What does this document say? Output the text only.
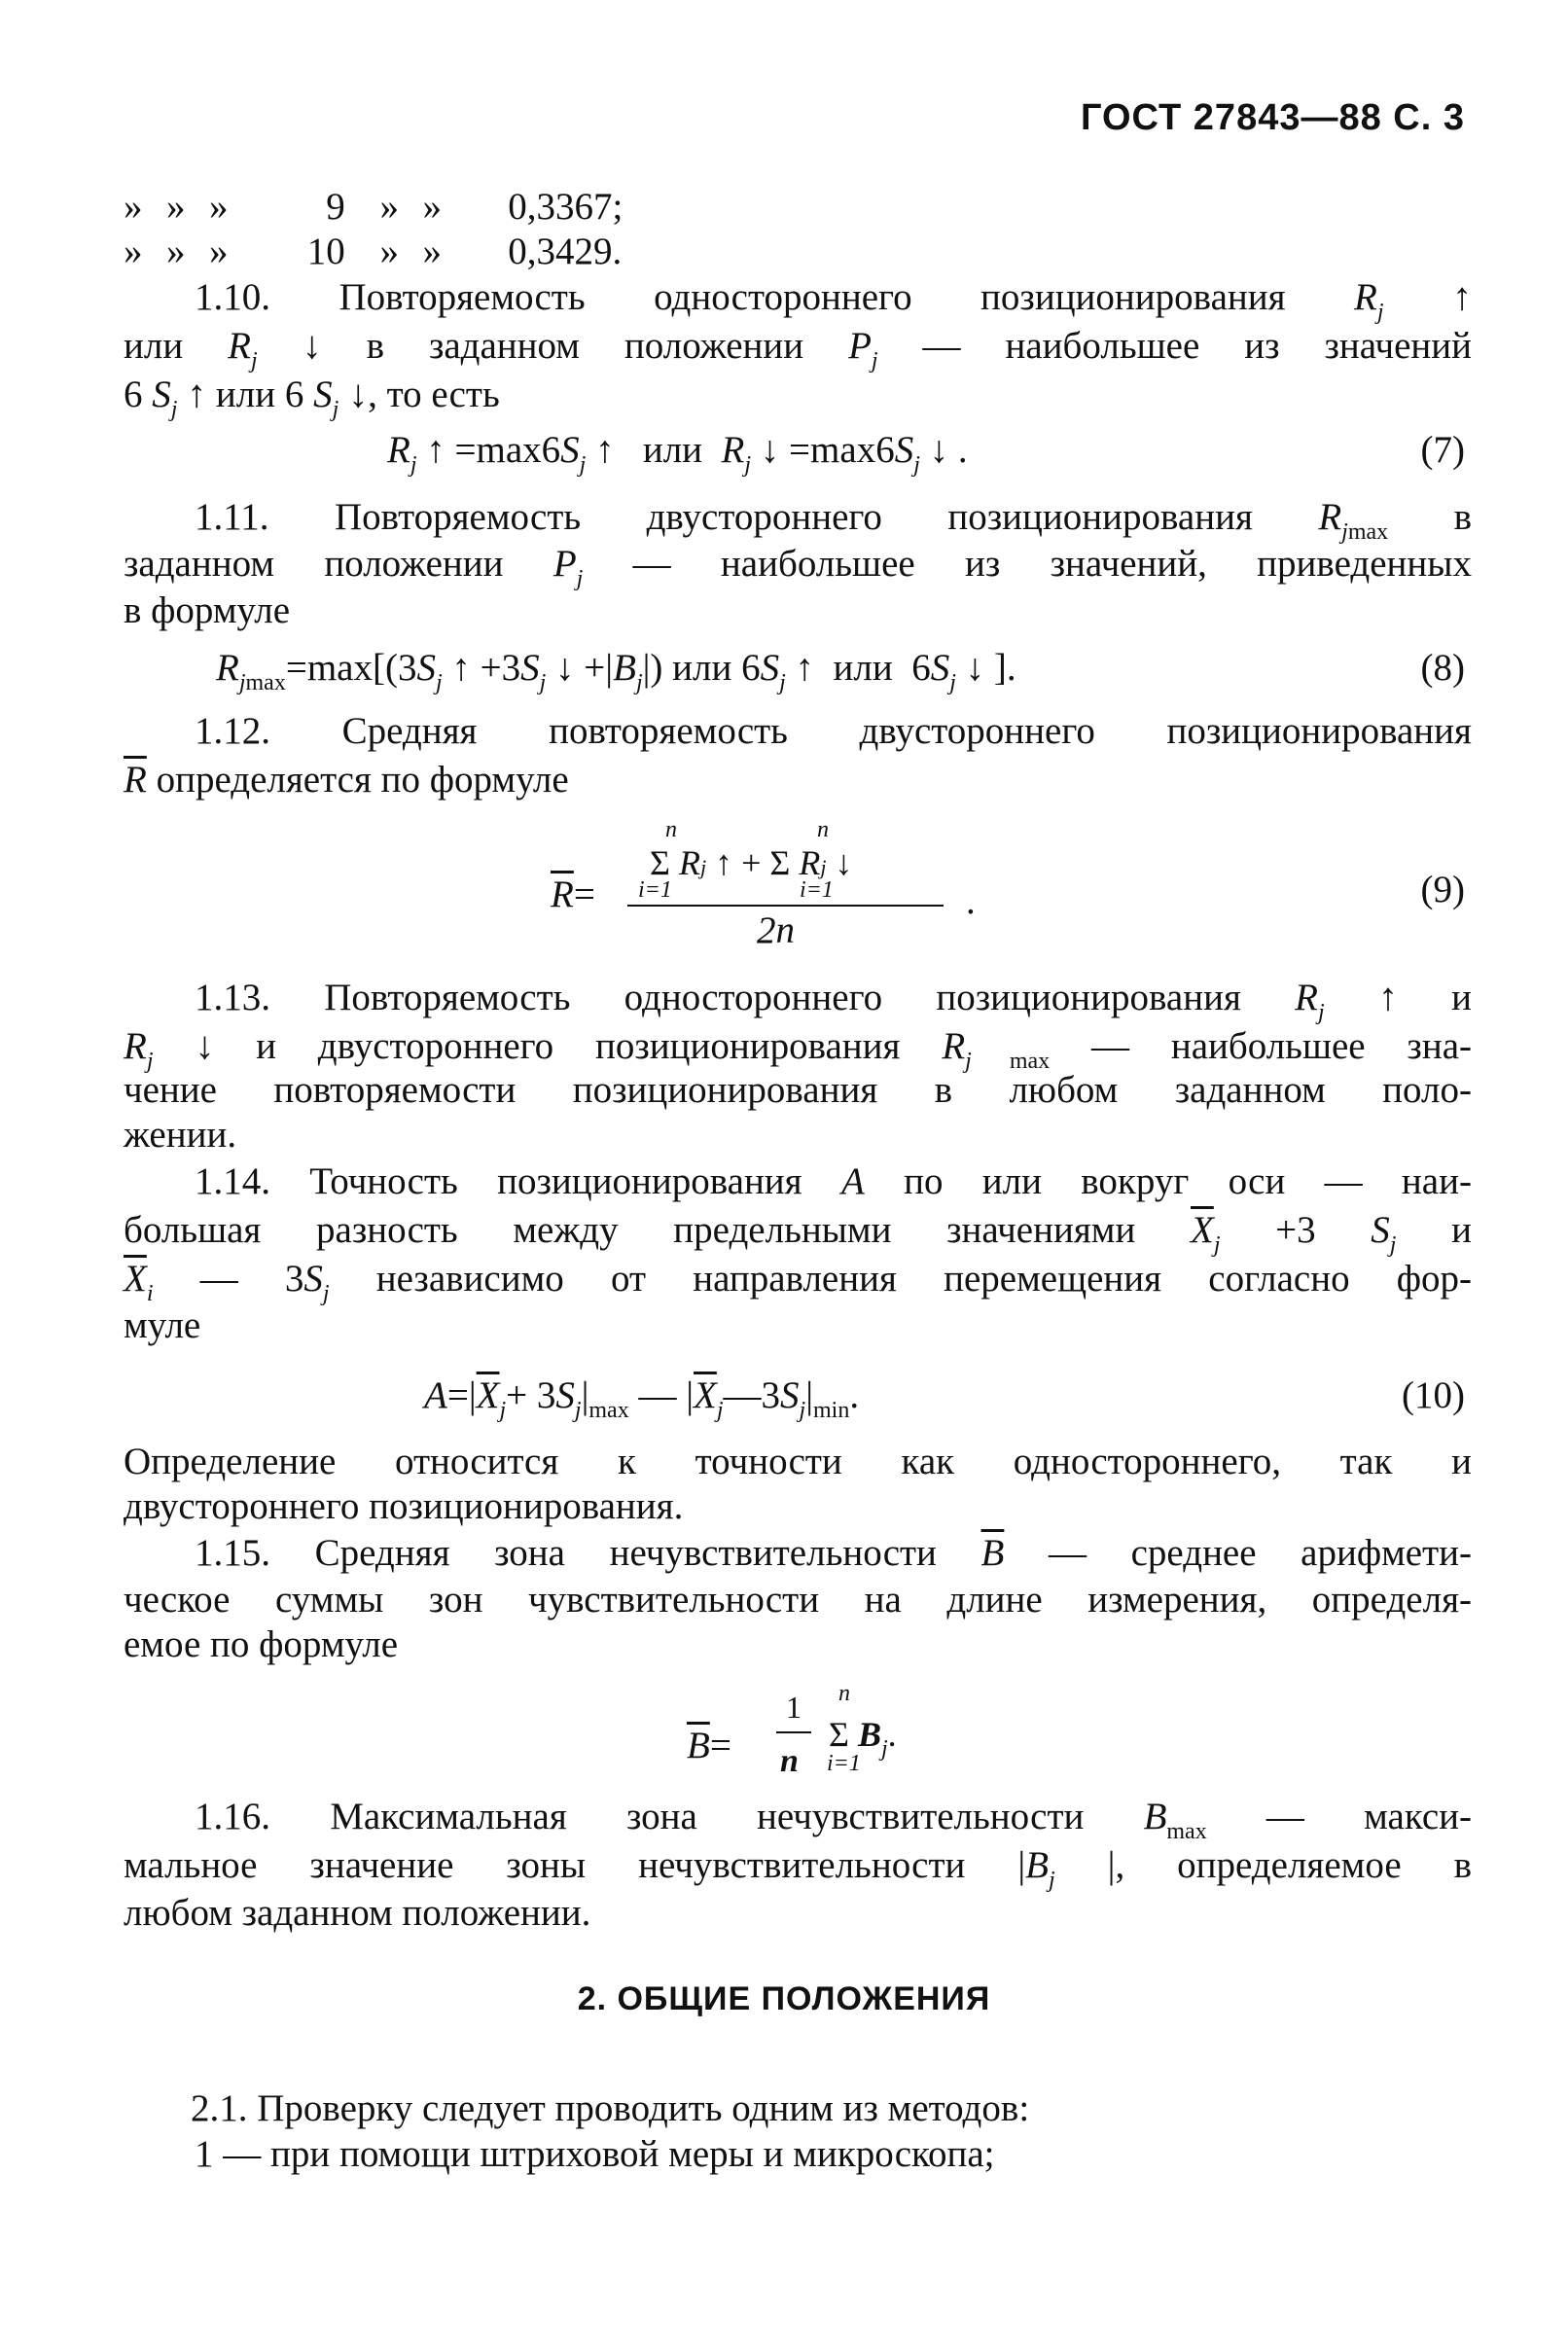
ГОСТ 27843—88 С. 3
» » »	9 » » 0,3367;
» » » 10 » » 0,3429.
1.10. Повторяемость одностороннего позиционирования $R_j$ ↑
или $R_j$ ↓ в заданном положении $P_j$ — наибольшее из значений
6 $S_j$ ↑ или 6 $S_j$ ↓, то есть
$R_j$ ↑ $=\max 6S_j$ ↑   или $R_j$ ↓ $=\max 6S_j$ ↓ .	(7)
1.11. Повторяемость двустороннего позиционирования $R_{jmax}$ в
заданном положении $P_j$ — наибольшее из значений, приведенных
в формуле
$R_{jmax}=\max[(3S_j$ ↑ $+3S_j$ ↓ $+|B_j|$) или $6S_j$ ↑  или  $6S_j$ ↓ ].	(8)
1.12. Средняя повторяемость двустороннего позиционирования
$\overline{R}$ определяется по формуле
n	n
Σ Rj ↑ + Σ Rj ↓
i=1	i=1
$\overline{R}=$
2n
.	(9)
1.13. Повторяемость одностороннего позиционирования $R_j$ ↑ и
$R_j$ ↓ и двустороннего позиционирования $R_{j max}$ — наибольшее зна-
чение повторяемости позиционирования в любом заданном поло-
жении.
1.14. Точность позиционирования A по или вокруг оси — наи-
большая разность между предельными значениями $\overline{X}_j +3$ $S_j$ и
$\overline{X}_i$ — $3S_j$ независимо от направления перемещения согласно фор-
муле
$A=|\overline{X}_j+ 3S_j|_{max}$ — $|\overline{X}_j—3S_j|_{min}$.	(10)
Определение относится к точности как одностороннего, так и
двустороннего позиционирования.
1.15. Средняя зона нечувствительности $\overline{B}$ — среднее арифмети-
ческое суммы зон чувствительности на длине измерения, определя-
емое по формуле
$\overline{B}=$
1
n
n
Σ $B_j$.
i=1
1.16. Максимальная зона нечувствительности $B_{max}$ — макси-
мальное значение зоны нечувствительности $|B_j$ |, определяемое в
любом заданном положении.
2. ОБЩИЕ ПОЛОЖЕНИЯ
2.1. Проверку следует проводить одним из методов:
1 — при помощи штриховой меры и микроскопа;
